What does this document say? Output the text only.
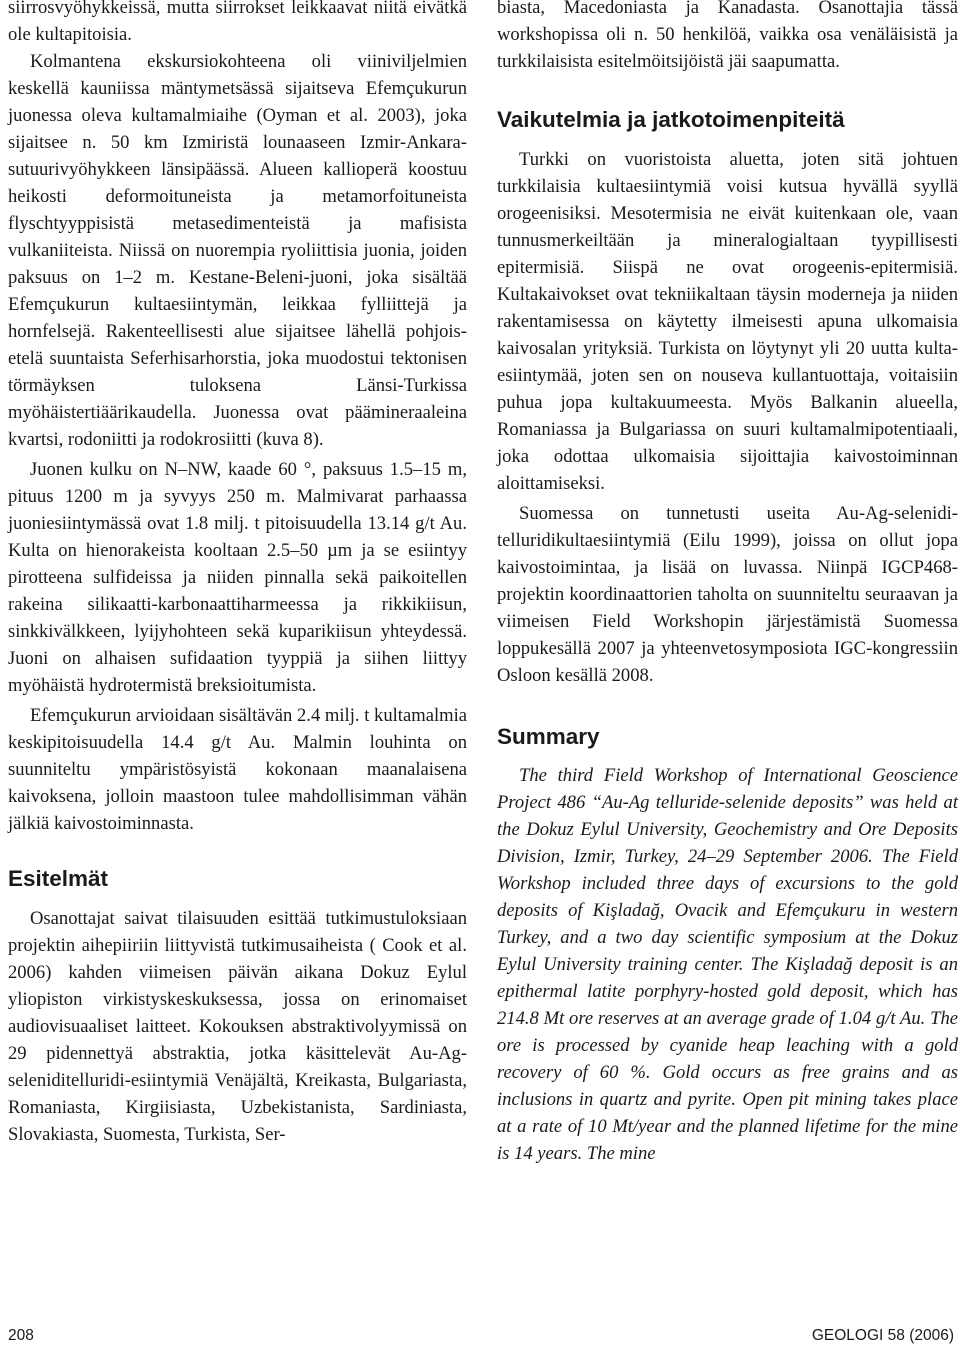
siirrosvyöhykkeissä, mutta siirrokset leikkaavat niitä eivätkä ole kultapitoisia.

Kolmantena ekskursiokohteena oli viiniviljelmien keskellä kauniissa mäntymetsässä sijaitseva Efemçukurun juonessa oleva kultamalmiaihe (Oyman et al. 2003), joka sijaitsee n. 50 km Izmiristä lounaaseen Izmir-Ankara-sutuurivyöhykkeen länsipäässä. Alueen kallioperä koostuu heikosti deformoituneista ja metamorfoituneista flyschtyyppisistä metasedimenteistä ja mafisista vulkaniiteista. Niissä on nuorempia ryoliittisia juonia, joiden paksuus on 1–2 m. Kestane-Beleni-juoni, joka sisältää Efemçukurun kultaesiintymän, leikkaa fylliittejä ja hornfelsejä. Rakenteellisesti alue sijaitsee lähellä pohjois-etelä suuntaista Seferhisarhorstia, joka muodostui tektonisen törmäyksen tuloksena Länsi-Turkissa myöhäistertiäärikaudella. Juonessa ovat päämineraaleina kvartsi, rodoniitti ja rodokrosiitti (kuva 8).

Juonen kulku on N–NW, kaade 60 °, paksuus 1.5–15 m, pituus 1200 m ja syvyys 250 m. Malmivarat parhaassa juoniesiintymässä ovat 1.8 milj. t pitoisuudella 13.14 g/t Au. Kulta on hienorakeista kooltaan 2.5–50 µm ja se esiintyy pirotteena sulfideissa ja niiden pinnalla sekä paikoitellen rakeina silikaatti-karbonaattiharmeessa ja rikkikiisun, sinkkivälkkeen, lyijyhohteen sekä kuparikiisun yhteydessä. Juoni on alhaisen sufidaation tyyppiä ja siihen liittyy myöhäistä hydrotermistä breksioitumista.

Efemçukurun arvioidaan sisältävän 2.4 milj. t kultamalmia keskipitoisuudella 14.4 g/t Au. Malmin louhinta on suunniteltu ympäristösyistä kokonaan maanalaisena kaivoksena, jolloin maastoon tulee mahdollisimman vähän jälkiä kaivostoiminnasta.

Esitelmät

Osanottajat saivat tilaisuuden esittää tutkimustuloksiaan projektin aihepiiriin liittyvistä tutkimusaiheista ( Cook et al. 2006) kahden viimeisen päivän aikana Dokuz Eylul yliopiston virkistyskeskuksessa, jossa on erinomaiset audiovisuaaliset laitteet. Kokouksen abstraktivolyymissä on 29 pidennettyä abstraktia, jotka käsittelevät Au-Ag-seleniditelluridi-esiintymiä Venäjältä, Kreikasta, Bulgariasta, Romaniasta, Kirgiisiasta, Uzbekistanista, Sardiniasta, Slovakiasta, Suomesta, Turkista, Ser-

biasta, Macedoniasta ja Kanadasta. Osanottajia tässä workshopissa oli n. 50 henkilöä, vaikka osa venäläisistä ja turkkilaisista esitelmöitsijöistä jäi saapumatta.

Vaikutelmia ja jatkotoimenpiteitä

Turkki on vuoristoista aluetta, joten sitä johtuen turkkilaisia kultaesiintymiä voisi kutsua hyvällä syyllä orogeenisiksi. Mesotermisia ne eivät kuitenkaan ole, vaan tunnusmerkeiltään ja mineralogialtaan tyypillisesti epitermisiä. Siispä ne ovat orogeenis-epitermisiä. Kultakaivokset ovat tekniikaltaan täysin moderneja ja niiden rakentamisessa on käytetty ilmeisesti apuna ulkomaisia kaivosalan yrityksiä. Turkista on löytynyt yli 20 uutta kultaesiintymää, joten sen on nouseva kullantuottaja, voitaisiin puhua jopa kultakuumeesta. Myös Balkanin alueella, Romaniassa ja Bulgariassa on suuri kultamalmipotentiaali, joka odottaa ulkomaisia sijoittajia kaivostoiminnan aloittamiseksi.

Suomessa on tunnetusti useita Au-Ag-seleniditelluridikultaesiintymiä (Eilu 1999), joissa on ollut jopa kaivostoimintaa, ja lisää on luvassa. Niinpä IGCP468-projektin koordinaattorien taholta on suunniteltu seuraavan ja viimeisen Field Workshopin järjestämistä Suomessa loppukesällä 2007 ja yhteenvetosymposiota IGC-kongressiin Osloon kesällä 2008.

Summary

The third Field Workshop of International Geoscience Project 486 “Au-Ag telluride-selenide deposits” was held at the Dokuz Eylul University, Geochemistry and Ore Deposits Division, Izmir, Turkey, 24–29 September 2006. The Field Workshop included three days of excursions to the gold deposits of Kişladağ, Ovacik and Efemçukuru in western Turkey, and a two day scientific symposium at the Dokuz Eylul University training center. The Kişladağ deposit is an epithermal latite porphyry-hosted gold deposit, which has 214.8 Mt ore reserves at an average grade of 1.04 g/t Au. The ore is processed by cyanide heap leaching with a gold recovery of 60 %. Gold occurs as free grains and as inclusions in quartz and pyrite. Open pit mining takes place at a rate of 10 Mt/year and the planned lifetime for the mine is 14 years. The mine

208	GEOLOGI 58 (2006)
